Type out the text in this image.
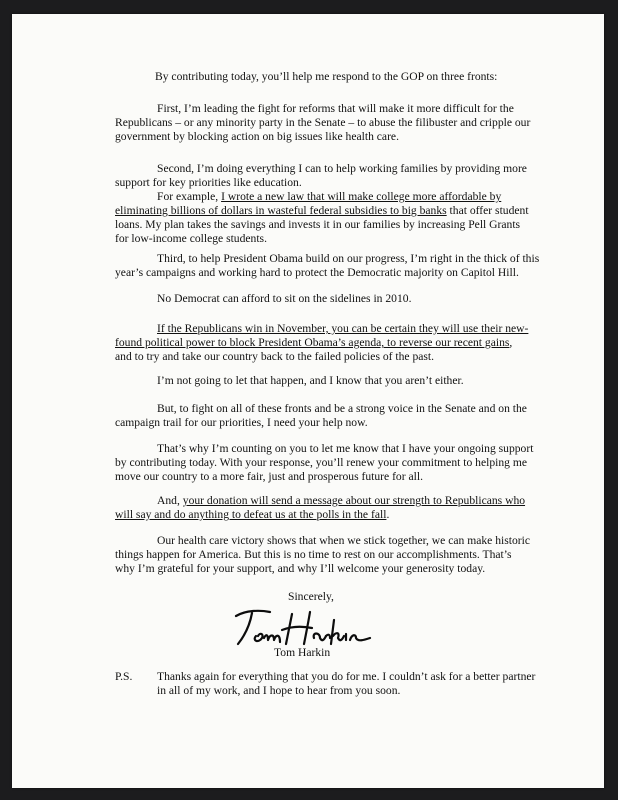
By contributing today, you’ll help me respond to the GOP on three fronts:
First, I’m leading the fight for reforms that will make it more difficult for the
Republicans – or any minority party in the Senate – to abuse the filibuster and cripple our
government by blocking action on big issues like health care.
Second, I’m doing everything I can to help working families by providing more
support for key priorities like education.
For example, I wrote a new law that will make college more affordable by
eliminating billions of dollars in wasteful federal subsidies to big banks that offer student
loans. My plan takes the savings and invests it in our families by increasing Pell Grants
for low-income college students.
Third, to help President Obama build on our progress, I’m right in the thick of this
year’s campaigns and working hard to protect the Democratic majority on Capitol Hill.
No Democrat can afford to sit on the sidelines in 2010.
If the Republicans win in November, you can be certain they will use their new-
found political power to block President Obama’s agenda, to reverse our recent gains,
and to try and take our country back to the failed policies of the past.
I’m not going to let that happen, and I know that you aren’t either.
But, to fight on all of these fronts and be a strong voice in the Senate and on the
campaign trail for our priorities, I need your help now.
That’s why I’m counting on you to let me know that I have your ongoing support
by contributing today. With your response, you’ll renew your commitment to helping me
move our country to a more fair, just and prosperous future for all.
And, your donation will send a message about our strength to Republicans who
will say and do anything to defeat us at the polls in the fall.
Our health care victory shows that when we stick together, we can make historic
things happen for America. But this is no time to rest on our accomplishments. That’s
why I’m grateful for your support, and why I’ll welcome your generosity today.
Sincerely,
Tom Harkin
P.S. Thanks again for everything that you do for me. I couldn’t ask for a better partner
in all of my work, and I hope to hear from you soon.
